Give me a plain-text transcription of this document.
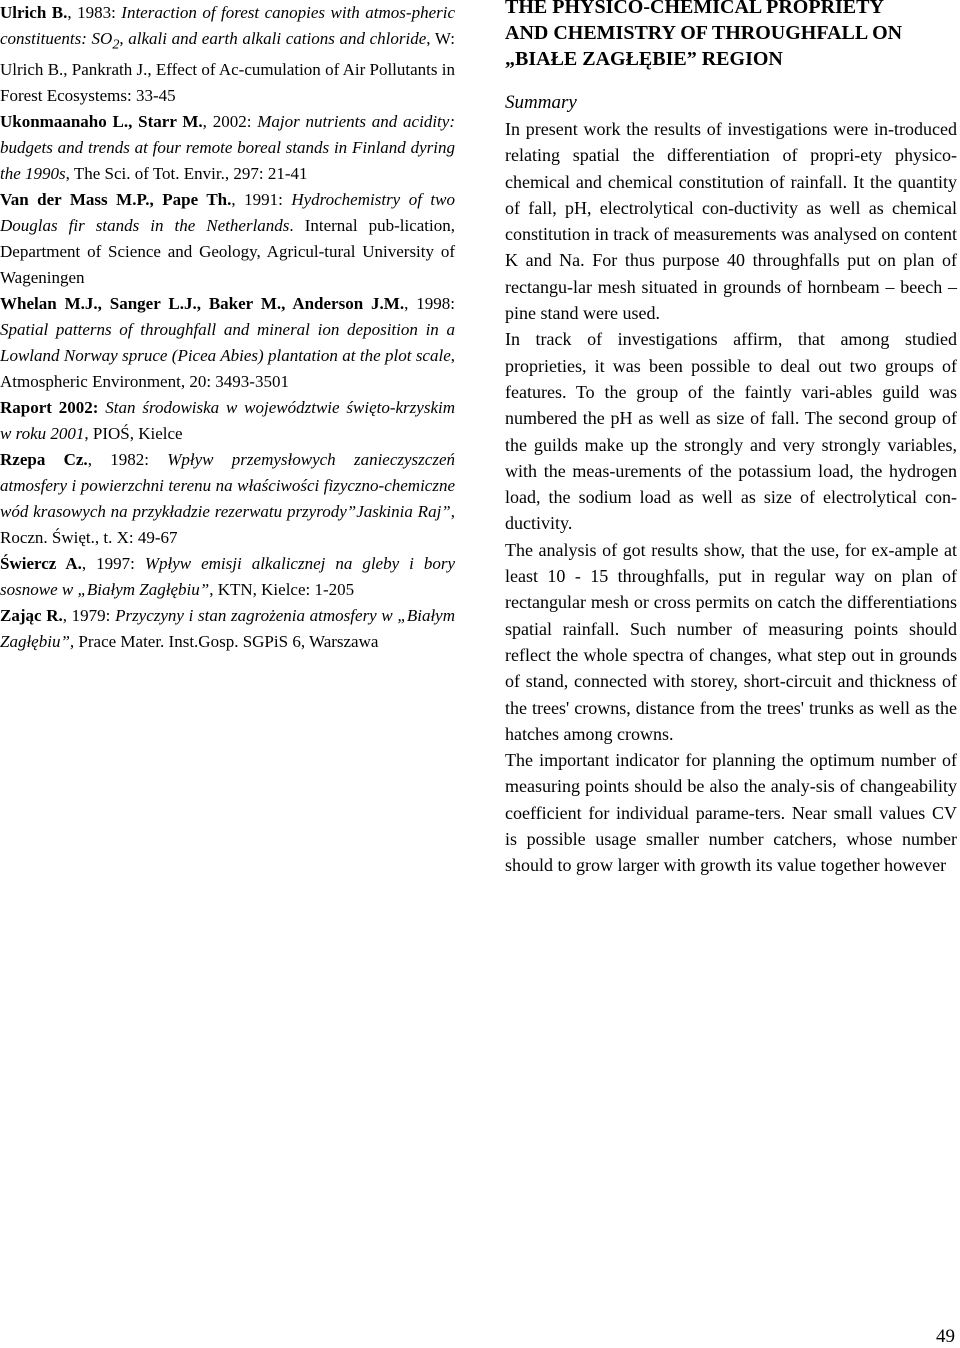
Ulrich B., 1983: Interaction of forest canopies with atmos-pheric constituents: $SO_2$, alkali and earth alkali cations and chloride, W: Ulrich B., Pankrath J., Effect of Ac-cumulation of Air Pollutants in Forest Ecosystems: 33-45

Ukonmaanaho L., Starr M., 2002: Major nutrients and acidity: budgets and trends at four remote boreal stands in Finland dyring the 1990s, The Sci. of Tot. Envir., 297: 21-41

Van der Mass M.P., Pape Th., 1991: Hydrochemistry of two Douglas fir stands in the Netherlands. Internal pub-lication, Department of Science and Geology, Agricul-tural University of Wageningen

Whelan M.J., Sanger L.J., Baker M., Anderson J.M., 1998: Spatial patterns of throughfall and mineral ion deposition in a Lowland Norway spruce (Picea Abies) plantation at the plot scale, Atmospheric Environment, 20: 3493-3501

Raport 2002: Stan środowiska w województwie święto-krzyskim w roku 2001, PIOŚ, Kielce

Rzepa Cz., 1982: Wpływ przemysłowych zanieczyszczeń atmosfery i powierzchni terenu na właściwości fizyczno-chemiczne wód krasowych na przykładzie rezerwatu przyrody”Jaskinia Raj”, Roczn. Święt., t. X: 49-67

Świercz A., 1997: Wpływ emisji alkalicznej na gleby i bory sosnowe w „Białym Zagłębiu”, KTN, Kielce: 1-205

Zając R., 1979: Przyczyny i stan zagrożenia atmosfery w „Białym Zagłębiu”, Prace Mater. Inst.Gosp. SGPiS 6, Warszawa

THE PHYSICO-CHEMICAL PROPRIETY
AND CHEMISTRY OF THROUGHFALL ON
„BIAŁE ZAGŁĘBIE” REGION

Summary

In present work the results of investigations were in-troduced relating spatial the differentiation of propri-ety physico-chemical and chemical constitution of rainfall. It the quantity of fall, pH, electrolytical con-ductivity as well as chemical constitution in track of measurements was analysed on content K and Na. For thus purpose 40 throughfalls put on plan of rectangu-lar mesh situated in grounds of hornbeam – beech – pine stand were used.

In track of investigations affirm, that among studied proprieties, it was been possible to deal out two groups of features. To the group of the faintly vari-ables guild was numbered the pH as well as size of fall. The second group of the guilds make up the strongly and very strongly variables, with the meas-urements of the potassium load, the hydrogen load, the sodium load as well as size of electrolytical con-ductivity.

The analysis of got results show, that the use, for ex-ample at least 10 - 15 throughfalls, put in regular way on plan of rectangular mesh or cross permits on catch the differentiations spatial rainfall. Such number of measuring points should reflect the whole spectra of changes, what step out in grounds of stand, connected with storey, short-circuit and thickness of the trees' crowns, distance from the trees' trunks as well as the hatches among crowns.

The important indicator for planning the optimum number of measuring points should be also the analy-sis of changeability coefficient for individual parame-ters. Near small values CV is possible usage smaller number catchers, whose number should to grow larger with growth its value together however

49
